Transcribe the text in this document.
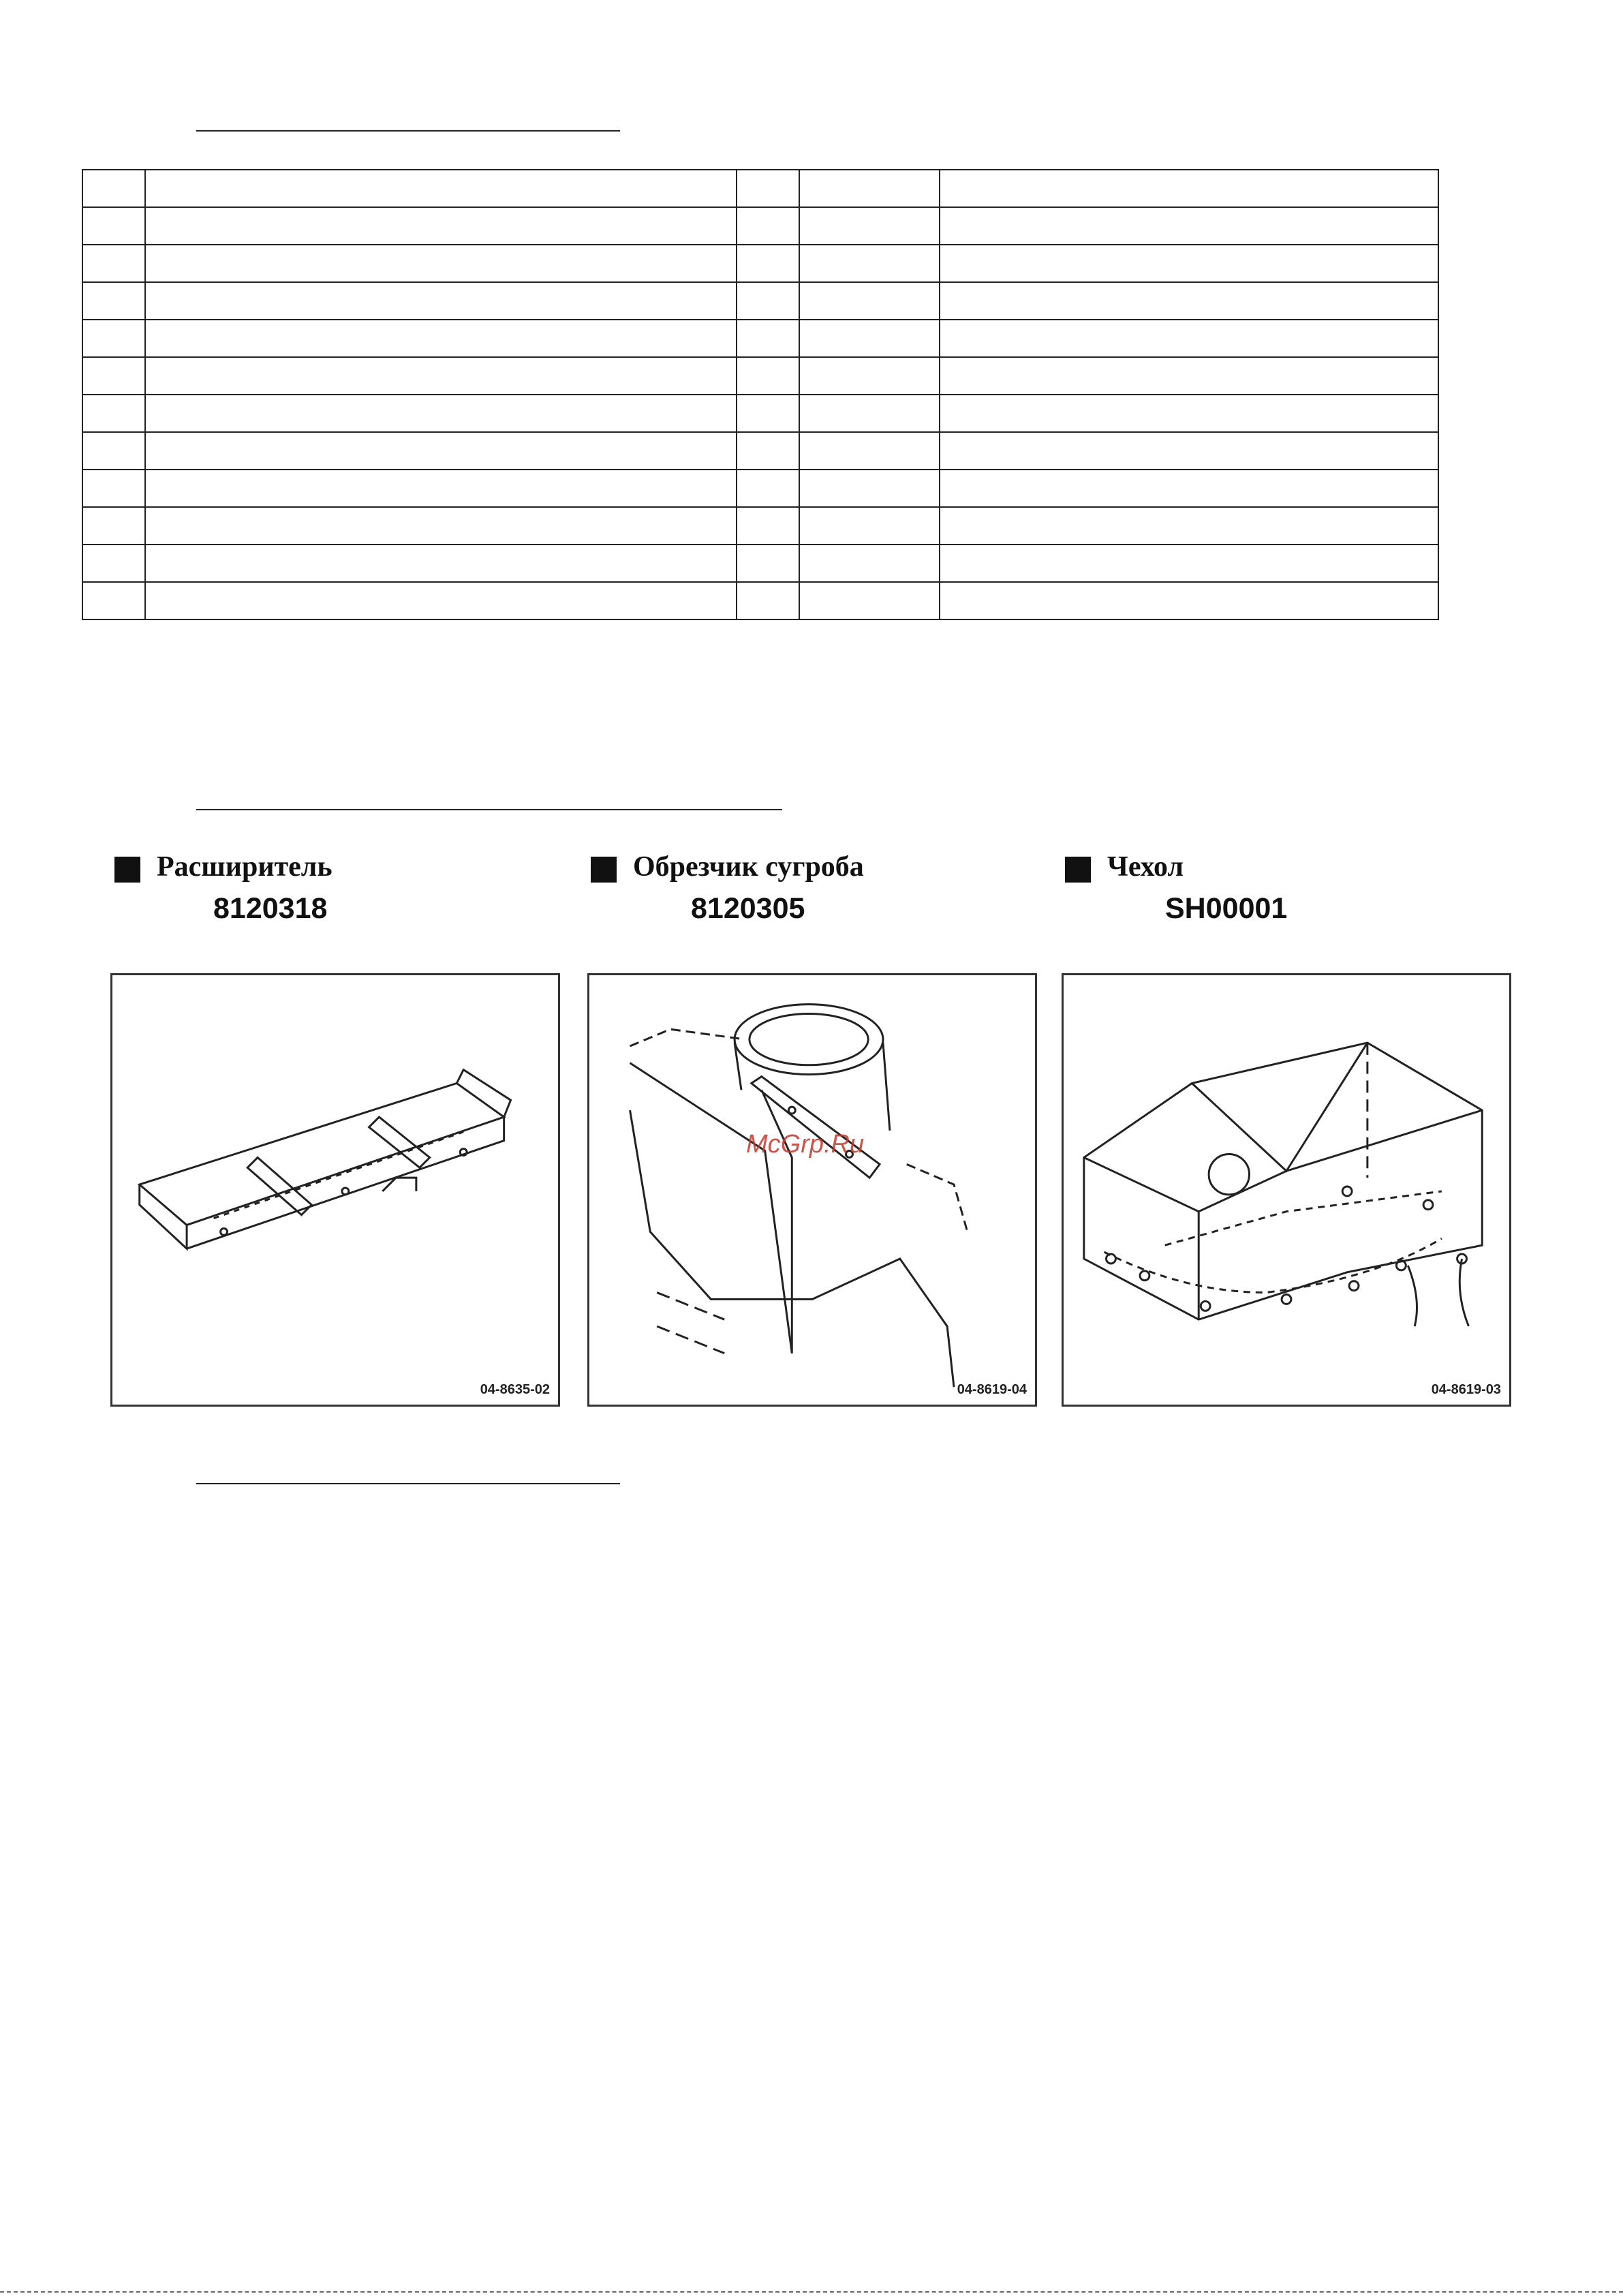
Расширитель
8120318
Обрезчик сугроба
8120305
Чехол
SH00001
04-8635-02	04-8619-04	04-8619-03
McGrp.Ru
